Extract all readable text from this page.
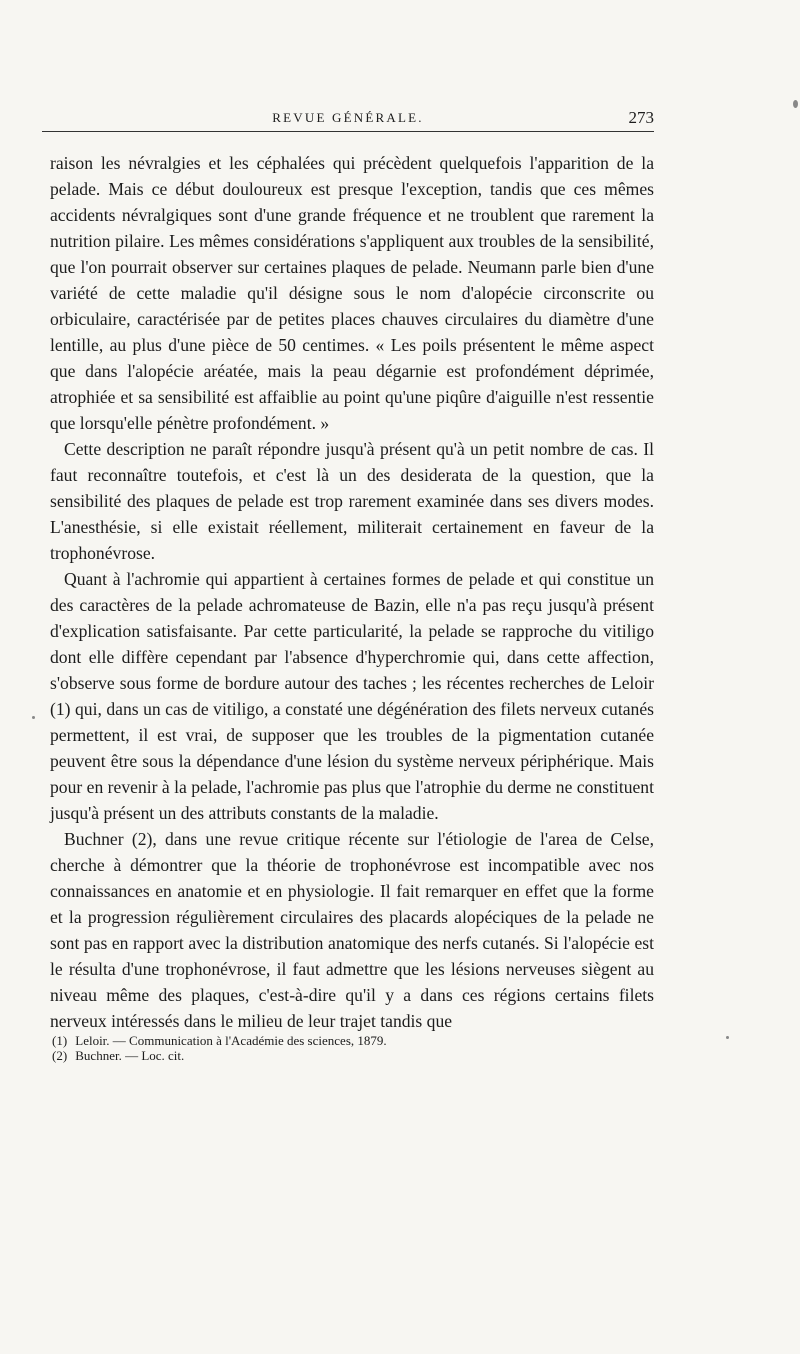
REVUE GÉNÉRALE.	273

raison les névralgies et les céphalées qui précèdent quelquefois l'apparition de la pelade. Mais ce début douloureux est presque l'exception, tandis que ces mêmes accidents névralgiques sont d'une grande fréquence et ne troublent que rarement la nutrition pilaire. Les mêmes considérations s'appliquent aux troubles de la sensibilité, que l'on pourrait observer sur certaines plaques de pelade. Neumann parle bien d'une variété de cette maladie qu'il désigne sous le nom d'alopécie circonscrite ou orbiculaire, caractérisée par de petites places chauves circulaires du diamètre d'une lentille, au plus d'une pièce de 50 centimes. « Les poils présentent le même aspect que dans l'alopécie aréatée, mais la peau dégarnie est profondément déprimée, atrophiée et sa sensibilité est affaiblie au point qu'une piqûre d'aiguille n'est ressentie que lorsqu'elle pénètre profondément. »

Cette description ne paraît répondre jusqu'à présent qu'à un petit nombre de cas. Il faut reconnaître toutefois, et c'est là un des desiderata de la question, que la sensibilité des plaques de pelade est trop rarement examinée dans ses divers modes. L'anesthésie, si elle existait réellement, militerait certainement en faveur de la trophonévrose.

Quant à l'achromie qui appartient à certaines formes de pelade et qui constitue un des caractères de la pelade achromateuse de Bazin, elle n'a pas reçu jusqu'à présent d'explication satisfaisante. Par cette particularité, la pelade se rapproche du vitiligo dont elle diffère cependant par l'absence d'hyperchromie qui, dans cette affection, s'observe sous forme de bordure autour des taches ; les récentes recherches de Leloir (1) qui, dans un cas de vitiligo, a constaté une dégénération des filets nerveux cutanés permettent, il est vrai, de supposer que les troubles de la pigmentation cutanée peuvent être sous la dépendance d'une lésion du système nerveux périphérique. Mais pour en revenir à la pelade, l'achromie pas plus que l'atrophie du derme ne constituent jusqu'à présent un des attributs constants de la maladie.

Buchner (2), dans une revue critique récente sur l'étiologie de l'area de Celse, cherche à démontrer que la théorie de trophonévrose est incompatible avec nos connaissances en anatomie et en physiologie. Il fait remarquer en effet que la forme et la progression régulièrement circulaires des placards alopéciques de la pelade ne sont pas en rapport avec la distribution anatomique des nerfs cutanés. Si l'alopécie est le résulta d'une trophonévrose, il faut admettre que les lésions nerveuses siègent au niveau même des plaques, c'est-à-dire qu'il y a dans ces régions certains filets nerveux intéressés dans le milieu de leur trajet tandis que

(1) Leloir. — Communication à l'Académie des sciences, 1879.
(2) Buchner. — Loc. cit.
